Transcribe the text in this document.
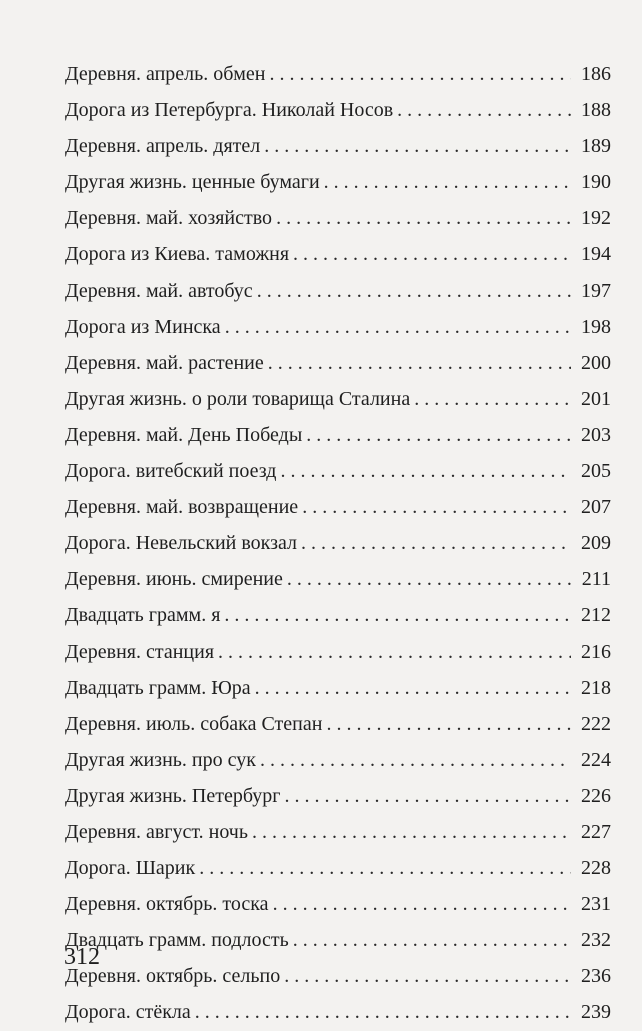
Деревня. апрель. обмен . . .	186
Дорога из Петербурга. Николай Носов . . .	188
Деревня. апрель. дятел . . .	189
Другая жизнь. ценные бумаги . . .	190
Деревня. май. хозяйство . . .	192
Дорога из Киева. таможня . . .	194
Деревня. май. автобус . . .	197
Дорога из Минска . . .	198
Деревня. май. растение . . .	200
Другая жизнь. о роли товарища Сталина . . .	201
Деревня. май. День Победы . . .	203
Дорога. витебский поезд . . .	205
Деревня. май. возвращение . . .	207
Дорога. Невельский вокзал . . .	209
Деревня. июнь. смирение . . .	211
Двадцать грамм. я . . .	212
Деревня. станция . . .	216
Двадцать грамм. Юра . . .	218
Деревня. июль. собака Степан . . .	222
Другая жизнь. про сук . . .	224
Другая жизнь. Петербург . . .	226
Деревня. август. ночь . . .	227
Дорога. Шарик . . .	228
Деревня. октябрь. тоска . . .	231
Двадцать грамм. подлость . . .	232
Деревня. октябрь. сельпо . . .	236
Дорога. стёкла . . .	239
312
